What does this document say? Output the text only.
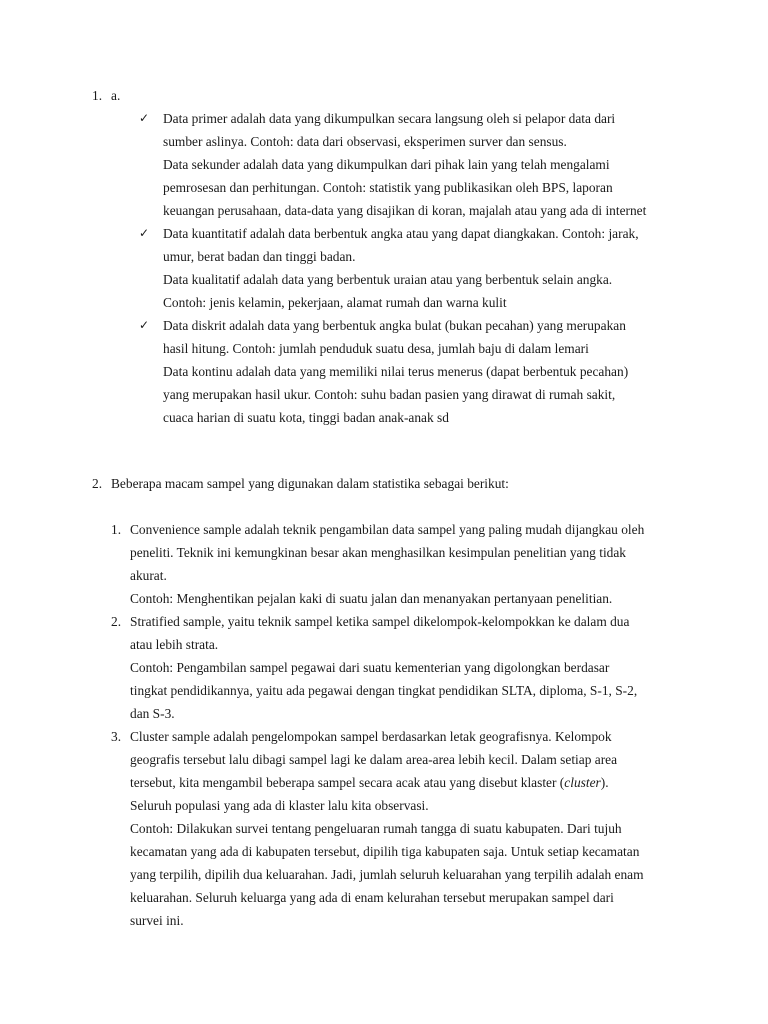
1. a.
✓ Data primer adalah data yang dikumpulkan secara langsung oleh si pelapor data dari
sumber aslinya. Contoh: data dari observasi, eksperimen surver dan sensus.
Data sekunder adalah data yang dikumpulkan dari pihak lain yang telah mengalami
pemrosesan dan perhitungan. Contoh: statistik yang publikasikan oleh BPS, laporan
keuangan perusahaan, data-data yang disajikan di koran, majalah atau yang ada di internet
✓ Data kuantitatif adalah data berbentuk angka atau yang dapat diangkakan. Contoh: jarak,
umur, berat badan dan tinggi badan.
Data kualitatif adalah data yang berbentuk uraian atau yang berbentuk selain angka.
Contoh: jenis kelamin, pekerjaan, alamat rumah dan warna kulit
✓ Data diskrit adalah data yang berbentuk angka bulat (bukan pecahan) yang merupakan
hasil hitung. Contoh: jumlah penduduk suatu desa, jumlah baju di dalam lemari
Data kontinu adalah data yang memiliki nilai terus menerus (dapat berbentuk pecahan)
yang merupakan hasil ukur. Contoh: suhu badan pasien yang dirawat di rumah sakit,
cuaca harian di suatu kota, tinggi badan anak-anak sd
2. Beberapa macam sampel yang digunakan dalam statistika sebagai berikut:
1. Convenience sample adalah teknik pengambilan data sampel yang paling mudah dijangkau oleh
peneliti. Teknik ini kemungkinan besar akan menghasilkan kesimpulan penelitian yang tidak
akurat.
Contoh: Menghentikan pejalan kaki di suatu jalan dan menanyakan pertanyaan penelitian.
2. Stratified sample, yaitu teknik sampel ketika sampel dikelompok-kelompokkan ke dalam dua
atau lebih strata.
Contoh: Pengambilan sampel pegawai dari suatu kementerian yang digolongkan berdasar
tingkat pendidikannya, yaitu ada pegawai dengan tingkat pendidikan SLTA, diploma, S-1, S-2,
dan S-3.
3. Cluster sample adalah pengelompokan sampel berdasarkan letak geografisnya. Kelompok
geografis tersebut lalu dibagi sampel lagi ke dalam area-area lebih kecil. Dalam setiap area
tersebut, kita mengambil beberapa sampel secara acak atau yang disebut klaster (cluster).
Seluruh populasi yang ada di klaster lalu kita observasi.
Contoh: Dilakukan survei tentang pengeluaran rumah tangga di suatu kabupaten. Dari tujuh
kecamatan yang ada di kabupaten tersebut, dipilih tiga kabupaten saja. Untuk setiap kecamatan
yang terpilih, dipilih dua keluarahan. Jadi, jumlah seluruh keluarahan yang terpilih adalah enam
keluarahan. Seluruh keluarga yang ada di enam kelurahan tersebut merupakan sampel dari
survei ini.
